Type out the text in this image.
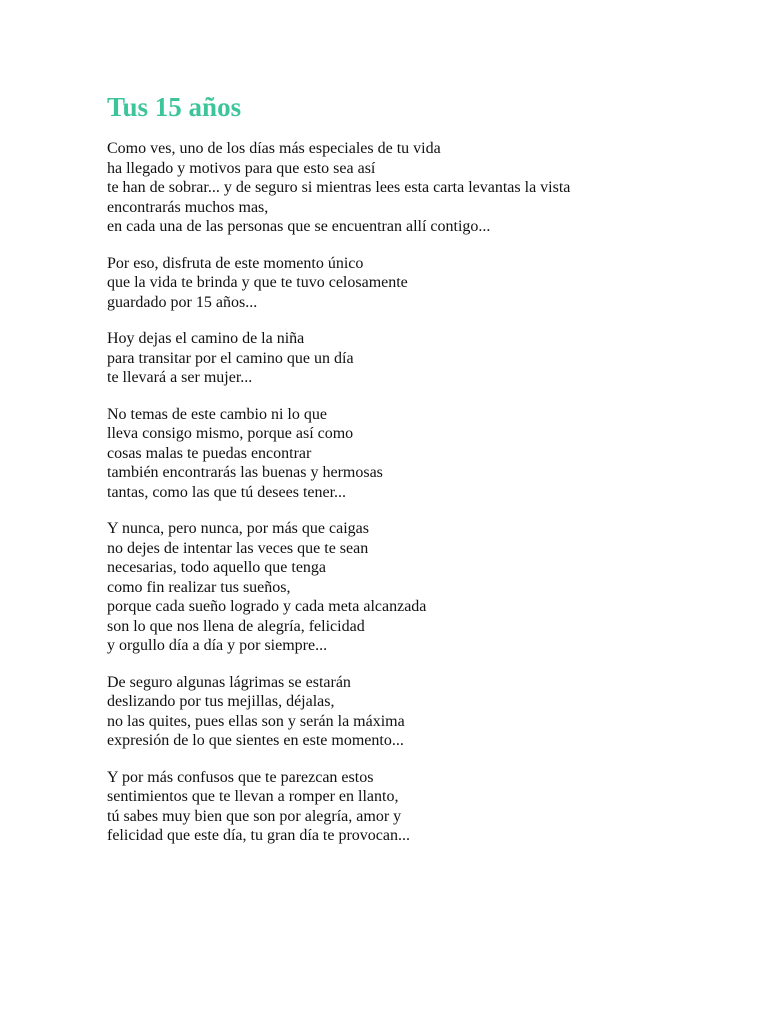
Tus 15 años
Como ves, uno de los días más especiales de tu vida
ha llegado y motivos para que esto sea así
te han de sobrar... y de seguro si mientras lees esta carta levantas la vista
encontrarás muchos mas,
en cada una de las personas que se encuentran allí contigo...
Por eso, disfruta de este momento único
que la vida te brinda y que te tuvo celosamente
guardado por 15 años...
Hoy dejas el camino de la niña
para transitar por el camino que un día
te llevará a ser mujer...
No temas de este cambio ni lo que
lleva consigo mismo, porque así como
cosas malas te puedas encontrar
también encontrarás las buenas y hermosas
tantas, como las que tú desees tener...
Y nunca, pero nunca, por más que caigas
no dejes de intentar las veces que te sean
necesarias, todo aquello que tenga
como fin realizar tus sueños,
porque cada sueño logrado y cada meta alcanzada
son lo que nos llena de alegría, felicidad
y orgullo día a día y por siempre...
De seguro algunas lágrimas se estarán
deslizando por tus mejillas, déjalas,
no las quites, pues ellas son y serán la máxima
expresión de lo que sientes en este momento...
Y por más confusos que te parezcan estos
sentimientos que te llevan a romper en llanto,
tú sabes muy bien que son por alegría, amor y
felicidad que este día, tu gran día te provocan...
